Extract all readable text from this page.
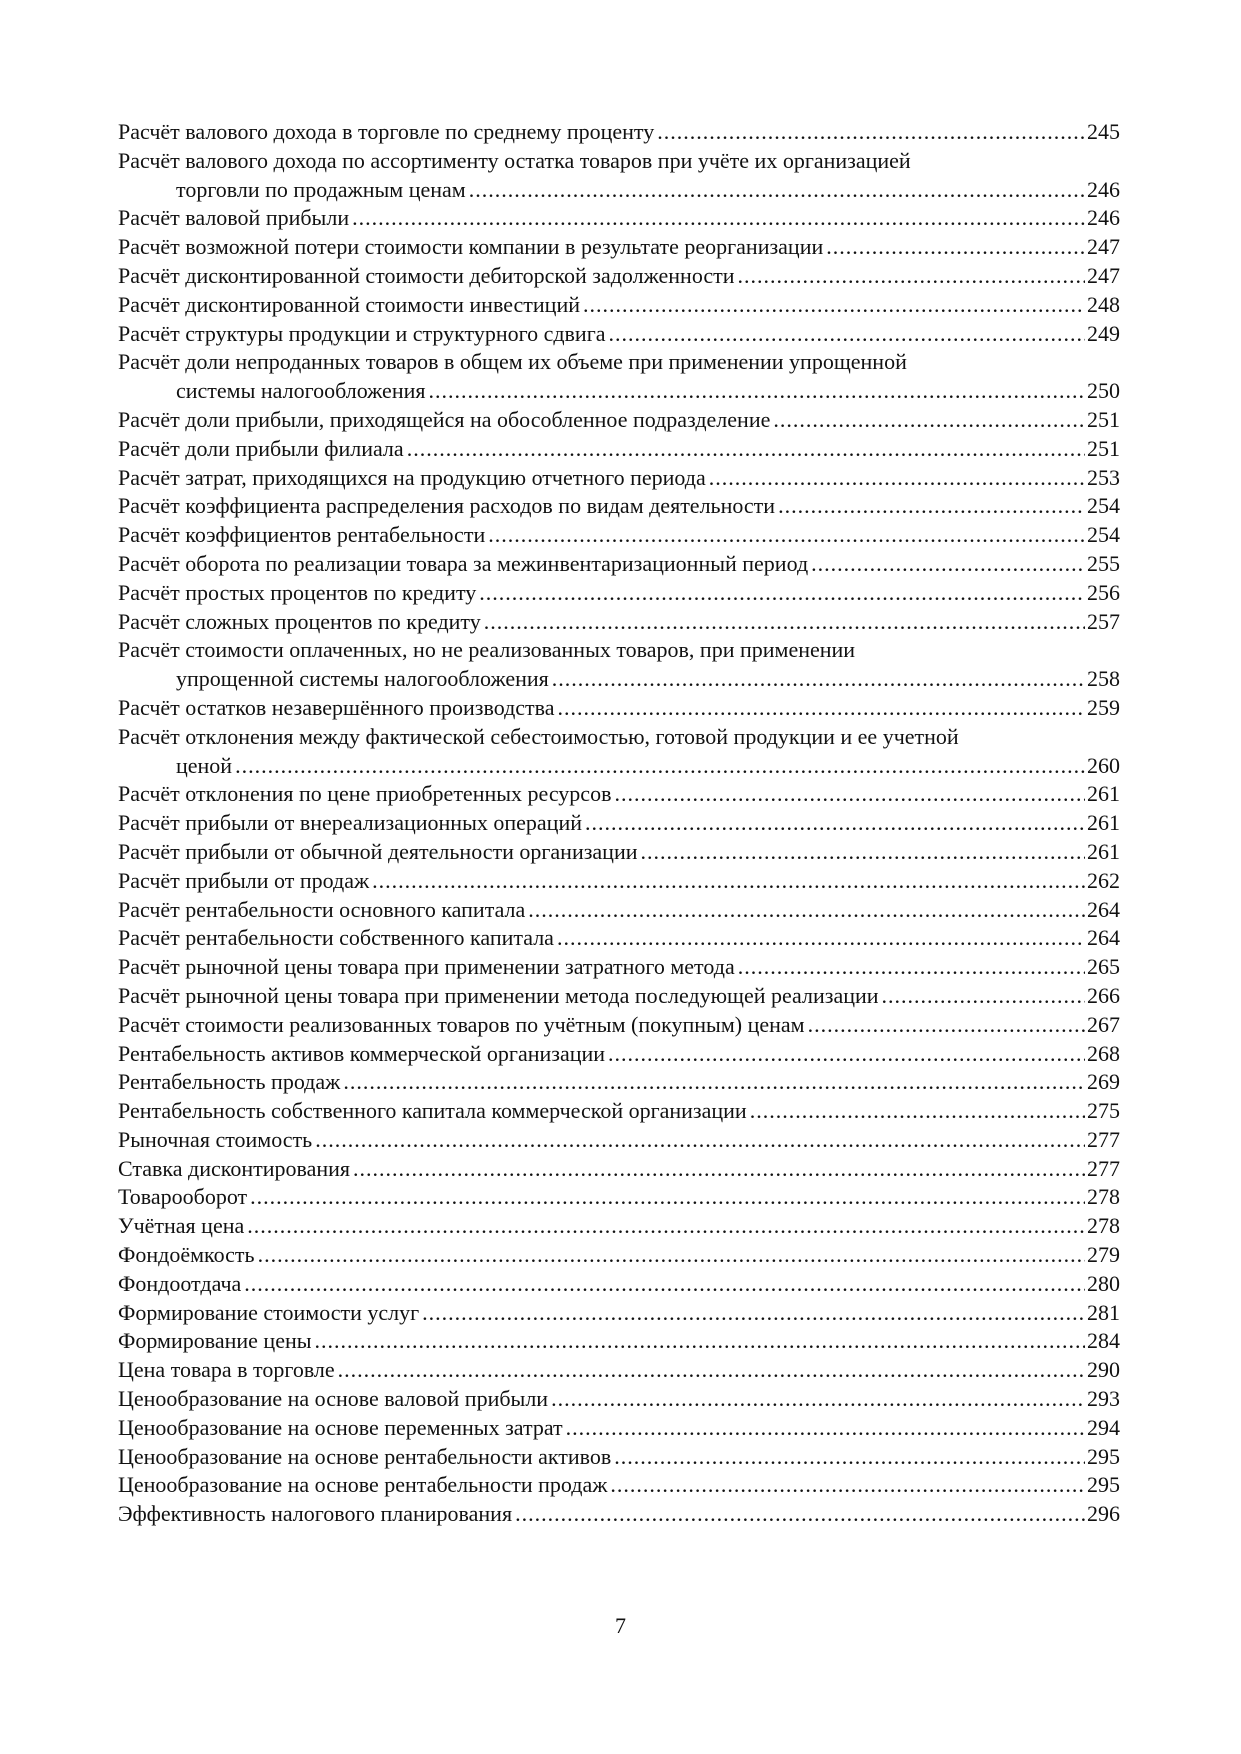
Расчёт валового дохода в торговле по среднему проценту .....	245
Расчёт валового дохода по ассортименту остатка товаров при учёте их организацией
торговли по продажным ценам .....	246
Расчёт валовой прибыли .....	246
Расчёт возможной потери стоимости компании в результате реорганизации .....	247
Расчёт дисконтированной стоимости дебиторской задолженности .....	247
Расчёт дисконтированной стоимости инвестиций .....	248
Расчёт структуры продукции и структурного сдвига .....	249
Расчёт доли непроданных товаров в общем их объеме при применении упрощенной
системы налогообложения .....	250
Расчёт доли прибыли, приходящейся на обособленное подразделение .....	251
Расчёт доли прибыли филиала .....	251
Расчёт затрат, приходящихся на продукцию отчетного периода .....	253
Расчёт коэффициента распределения расходов по видам деятельности .....	254
Расчёт коэффициентов рентабельности .....	254
Расчёт оборота по реализации товара за межинвентаризационный период .....	255
Расчёт простых процентов по кредиту .....	256
Расчёт сложных процентов по кредиту .....	257
Расчёт стоимости оплаченных, но не реализованных товаров, при применении
упрощенной системы налогообложения .....	258
Расчёт остатков незавершённого производства .....	259
Расчёт отклонения между фактической себестоимостью, готовой продукции и ее учетной
ценой .....	260
Расчёт отклонения по цене приобретенных ресурсов .....	261
Расчёт прибыли от внереализационных операций .....	261
Расчёт прибыли от обычной деятельности организации .....	261
Расчёт прибыли от продаж .....	262
Расчёт рентабельности основного капитала .....	264
Расчёт рентабельности собственного капитала .....	264
Расчёт рыночной цены товара при применении затратного метода .....	265
Расчёт рыночной цены товара при применении метода последующей реализации .....	266
Расчёт стоимости реализованных товаров по учётным (покупным) ценам .....	267
Рентабельность активов коммерческой организации .....	268
Рентабельность продаж .....	269
Рентабельность собственного капитала коммерческой организации .....	275
Рыночная стоимость .....	277
Ставка дисконтирования .....	277
Товарооборот .....	278
Учётная цена .....	278
Фондоёмкость .....	279
Фондоотдача .....	280
Формирование стоимости услуг .....	281
Формирование цены .....	284
Цена товара в торговле .....	290
Ценообразование на основе валовой прибыли .....	293
Ценообразование на основе переменных затрат .....	294
Ценообразование на основе рентабельности активов .....	295
Ценообразование на основе рентабельности продаж .....	295
Эффективность налогового планирования .....	296
7
